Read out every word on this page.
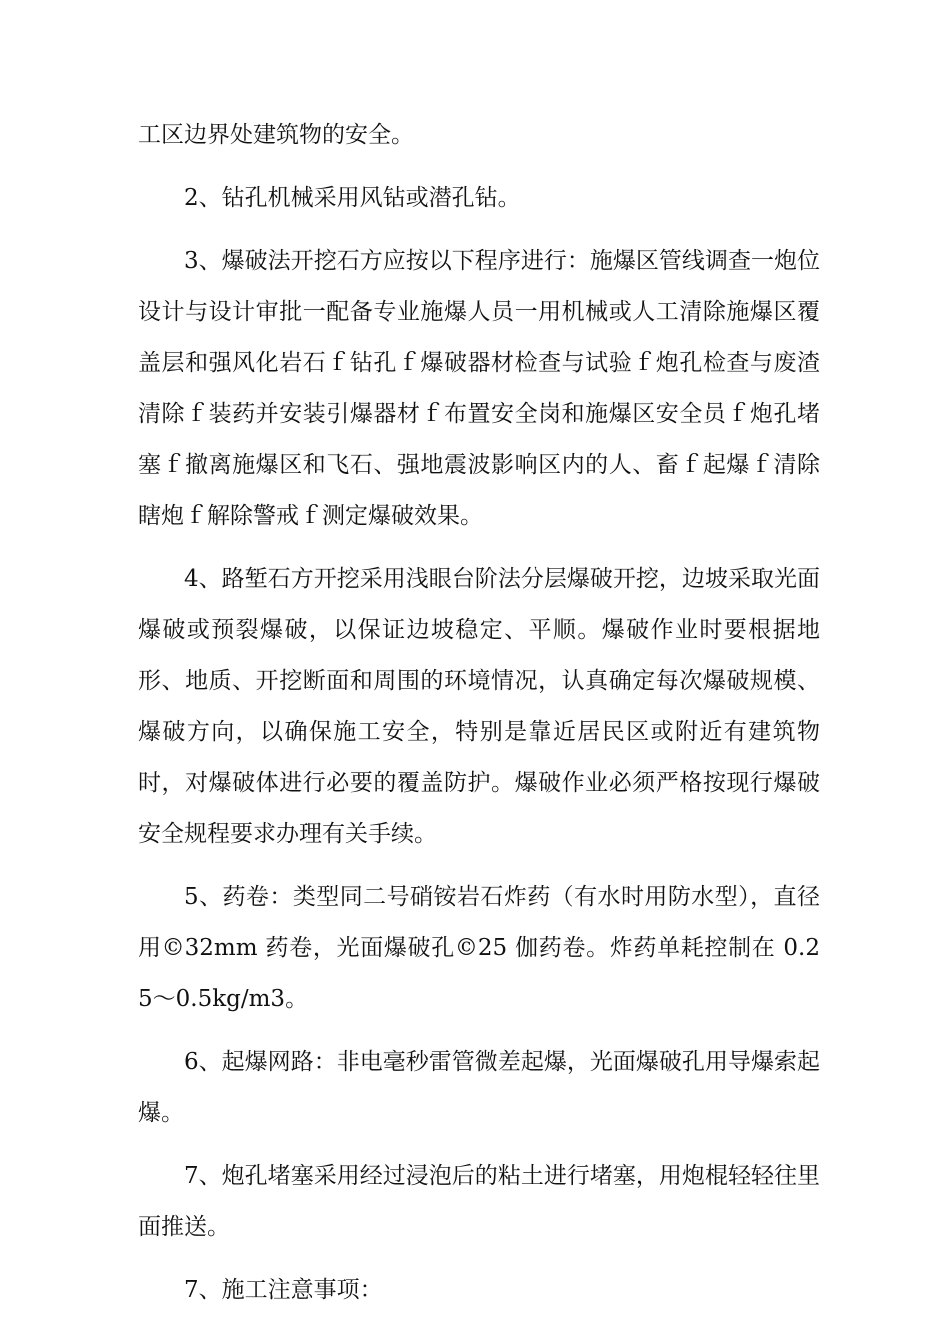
工区边界处建筑物的安全。

2、钻孔机械采用风钻或潜孔钻。

3、爆破法开挖石方应按以下程序进行：施爆区管线调查一炮位设计与设计审批一配备专业施爆人员一用机械或人工清除施爆区覆盖层和强风化岩石ｆ钻孔ｆ爆破器材检查与试验ｆ炮孔检查与废渣清除ｆ装药并安装引爆器材ｆ布置安全岗和施爆区安全员ｆ炮孔堵塞ｆ撤离施爆区和飞石、强地震波影响区内的人、畜ｆ起爆ｆ清除瞎炮ｆ解除警戒ｆ测定爆破效果。

4、路堑石方开挖采用浅眼台阶法分层爆破开挖，边坡采取光面爆破或预裂爆破，以保证边坡稳定、平顺。爆破作业时要根据地形、地质、开挖断面和周围的环境情况，认真确定每次爆破规模、爆破方向，以确保施工安全，特别是靠近居民区或附近有建筑物时，对爆破体进行必要的覆盖防护。爆破作业必须严格按现行爆破安全规程要求办理有关手续。

5、药卷：类型同二号硝铵岩石炸药（有水时用防水型），直径用©32mm 药卷，光面爆破孔©25 伽药卷。炸药单耗控制在 0.25〜0.5kg/m3。

6、起爆网路：非电毫秒雷管微差起爆，光面爆破孔用导爆索起爆。

7、炮孔堵塞采用经过浸泡后的粘土进行堵塞，用炮棍轻轻往里面推送。

7、施工注意事项：
